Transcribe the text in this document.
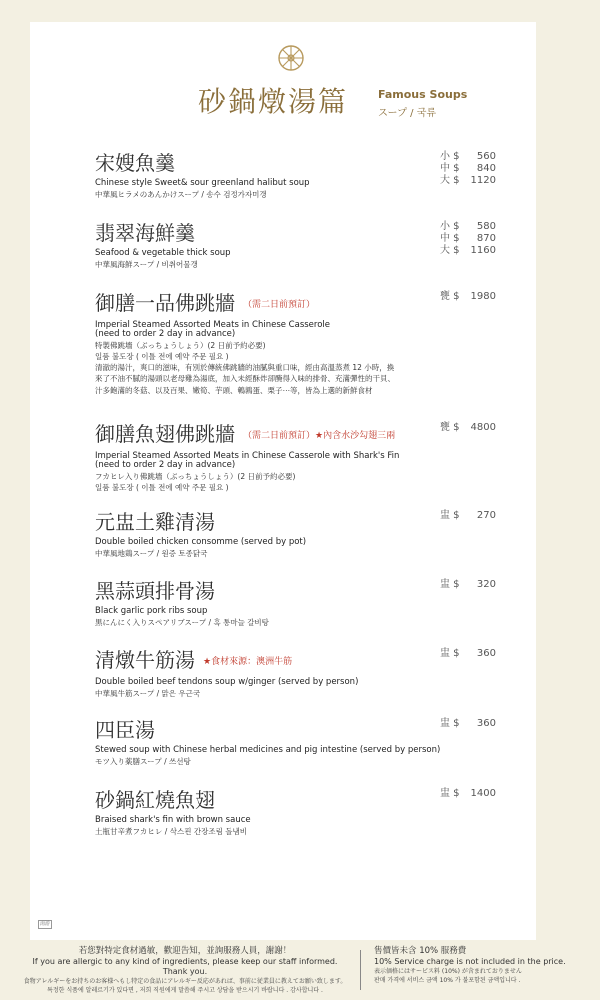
砂鍋燉湯篇	Famous Soups
スープ / 국류
宋嫂魚羹
Chinese style Sweet& sour greenland halibut soup
中華風ヒラメのあんかけスープ / 송수 검정가자미갱
小 $	560
中 $	840
大 $	1120
翡翠海鮮羹
Seafood & vegetable thick soup
中華風海鮮スープ / 비취어물갱
小 $	580
中 $	870
大 $	1160
御膳一品佛跳牆 （需二日前預訂）
Imperial Steamed Assorted Meats in Chinese Casserole
(need to order 2 day in advance)
特製佛跳墻（ぶっちょうしょう）(2 日前予約必要)
일품 불도장 ( 이틀 전에 예약 주문 필요 )
清澈的湯汁，爽口的滋味，有別於傳統佛跳牆的油膩與重口味，經由高溫蒸煮 12 小時，換來了不油不膩的湯頭以老母雞為湯底，加入未經酥炸卻醃得入味的排骨、充滿彈性的干貝、汁多飽滿的冬菇、以及百果、嫩筍、芋頭、鵪鶉蛋、栗子⋯等，皆為上選的新鮮食材
甕 $	1980
御膳魚翅佛跳牆 （需二日前預訂）★內含水沙勾翅三兩
Imperial Steamed Assorted Meats in Chinese Casserole with Shark's Fin
(need to order 2 day in advance)
フカヒレ入り佛跳墻（ぶっちょうしょう）(2 日前予約必要)
일품 불도장 ( 이틀 전에 예약 주문 필요 )
甕 $	4800
元盅土雞清湯
Double boiled chicken consomme (served by pot)
中華風地鶏スープ / 원증 토종닭국
盅 $	270
黑蒜頭排骨湯
Black garlic pork ribs soup
黒にんにく入りスペアリブスープ / 흑 통마늘 갈비탕
盅 $	320
清燉牛筋湯 ★食材來源：澳洲牛筋
Double boiled beef tendons soup w/ginger (served by person)
中華風牛筋スープ / 맑은 우근국
盅 $	360
四臣湯
Stewed soup with Chinese herbal medicines and pig intestine (served by person)
モツ入り薬膳スープ / 쓰선탕
盅 $	360
砂鍋紅燒魚翅
Braised shark's fin with brown sauce
土瓶甘辛煮フカヒレ / 삭스핀 간장조림 돌냄비
盅 $	1400
湯游
若您對特定食材過敏，歡迎告知，並詢服務人員，謝謝！
If you are allergic to any kind of ingredients, please keep our staff informed. Thank you.
食物アレルギーをお持ちのお客様へもし特定の食品にアレルギー反応があれば、事前に従業員に教えてお願い致します。
특정한 식품에 알레르기가 있다면 , 저희 직원에게 말씀해 주시고 상담을 받으시기 바랍니다 . 감사합니다 .
售價皆未含 10% 服務費
10% Service charge is not included in the price.
表示価格にはサービス料 (10%) が含まれておりません
판매 가격에 서비스 금액 10% 가 불포함된 금액입니다 .
